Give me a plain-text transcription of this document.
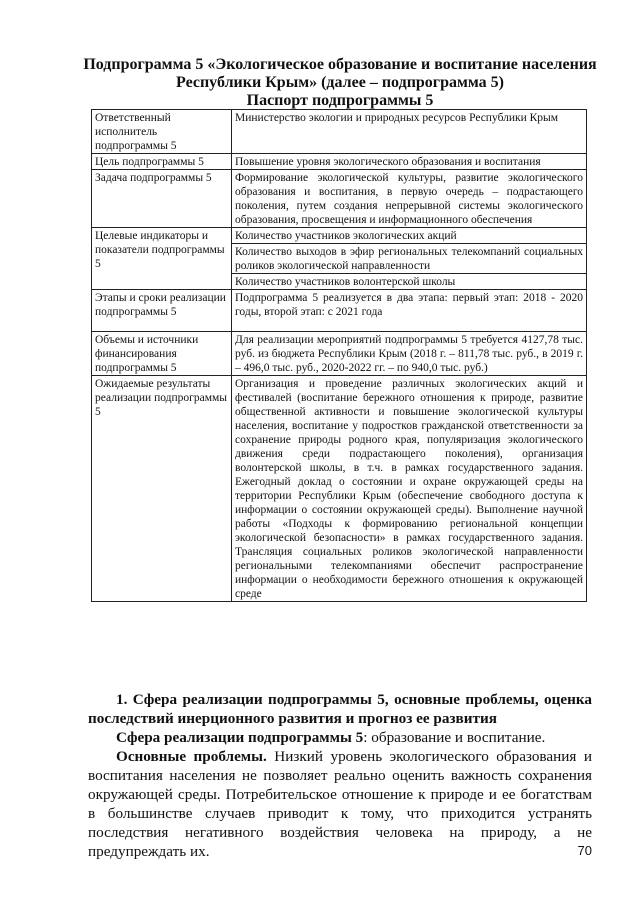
Подпрограмма 5 «Экологическое образование и воспитание населения
Республики Крым» (далее – подпрограмма 5)
Паспорт подпрограммы 5
Ответственный исполнитель подпрограммы 5	Министерство экологии и природных ресурсов Республики Крым
Цель подпрограммы 5	Повышение уровня экологического образования и воспитания
Задача подпрограммы 5	Формирование экологической культуры, развитие экологического образования и воспитания, в первую очередь – подрастающего поколения, путем создания непрерывной системы экологического образования, просвещения и информационного обеспечения
Целевые индикаторы и показатели подпрограммы 5	Количество участников экологических акций
Количество выходов в эфир региональных телекомпаний социальных роликов экологической направленности
Количество участников волонтерской школы

Этапы и сроки реализации подпрограммы 5	Подпрограмма 5 реализуется в два этапа: первый этап: 2018 - 2020 годы, второй этап: с 2021 года
Объемы и источники финансирования подпрограммы 5	Для реализации мероприятий подпрограммы 5 требуется 4127,78 тыс. руб. из бюджета Республики Крым (2018 г. – 811,78 тыс. руб., в 2019 г. – 496,0 тыс. руб., 2020-2022 гг. – по 940,0 тыс. руб.)
Ожидаемые результаты реализации подпрограммы 5	Организация и проведение различных экологических акций и фестивалей (воспитание бережного отношения к природе, развитие общественной активности и повышение экологической культуры населения, воспитание у подростков гражданской ответственности за сохранение природы родного края, популяризация экологического движения среди подрастающего поколения), организация волонтерской школы, в т.ч. в рамках государственного задания. Ежегодный доклад о состоянии и охране окружающей среды на территории Республики Крым (обеспечение свободного доступа к информации о состоянии окружающей среды). Выполнение научной работы «Подходы к формированию региональной концепции экологической безопасности» в рамках государственного задания. Трансляция социальных роликов экологической направленности региональными телекомпаниями обеспечит распространение информации о необходимости бережного отношения к окружающей среде

1. Сфера реализации подпрограммы 5, основные проблемы, оценка последствий инерционного развития и прогноз ее развития

Сфера реализации подпрограммы 5: образование и воспитание.

Основные проблемы. Низкий уровень экологического образования и воспитания населения не позволяет реально оценить важность сохранения окружающей среды. Потребительское отношение к природе и ее богатствам в большинстве случаев приводит к тому, что приходится устранять последствия негативного воздействия человека на природу, а не предупреждать их.	70
